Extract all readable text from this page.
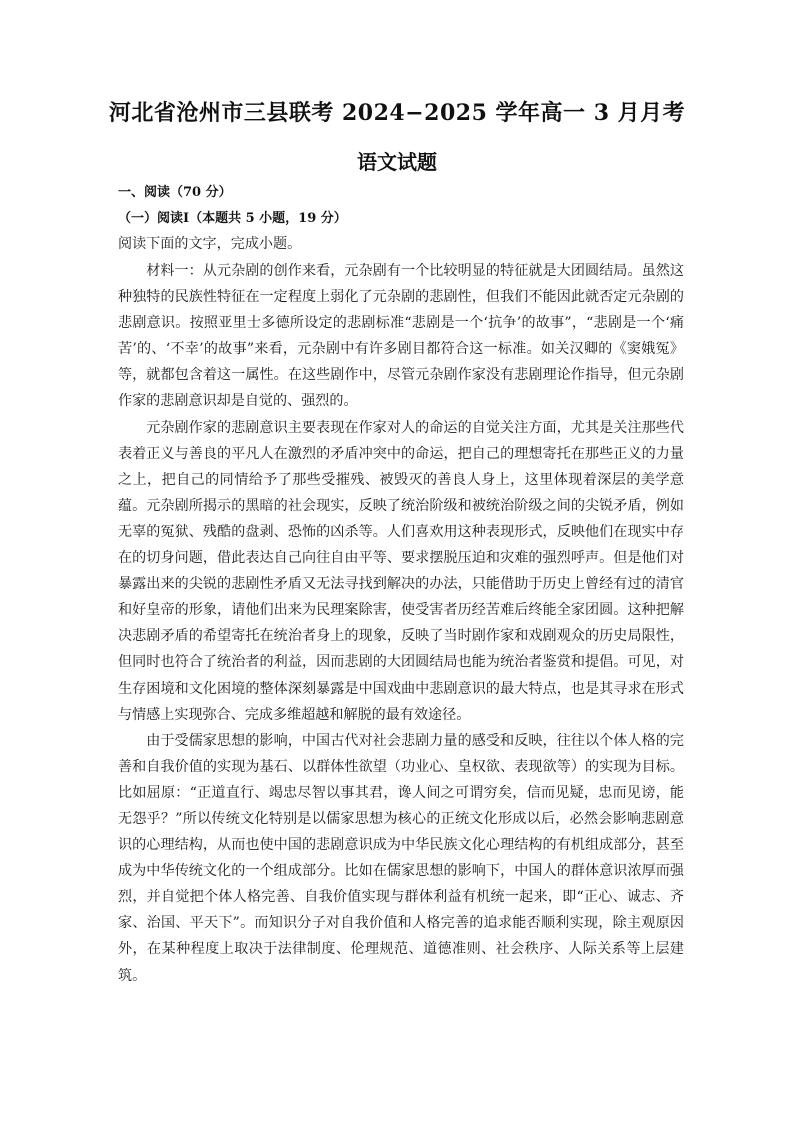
河北省沧州市三县联考 2024−2025 学年高一 3 月月考
语文试题
一、阅读（70 分）
（一）阅读Ⅰ（本题共 5 小题，19 分）
阅读下面的文字，完成小题。

材料一：从元杂剧的创作来看，元杂剧有一个比较明显的特征就是大团圆结局。虽然这种独特的民族性特征在一定程度上弱化了元杂剧的悲剧性，但我们不能因此就否定元杂剧的悲剧意识。按照亚里士多德所设定的悲剧标准“悲剧是一个‘抗争’的故事”，“悲剧是一个‘痛苦’的、‘不幸’的故事”来看，元杂剧中有许多剧目都符合这一标准。如关汉卿的《窦娥冤》等，就都包含着这一属性。在这些剧作中，尽管元杂剧作家没有悲剧理论作指导，但元杂剧作家的悲剧意识却是自觉的、强烈的。

元杂剧作家的悲剧意识主要表现在作家对人的命运的自觉关注方面，尤其是关注那些代表着正义与善良的平凡人在激烈的矛盾冲突中的命运，把自己的理想寄托在那些正义的力量之上，把自己的同情给予了那些受摧残、被毁灭的善良人身上，这里体现着深层的美学意蕴。元杂剧所揭示的黑暗的社会现实，反映了统治阶级和被统治阶级之间的尖锐矛盾，例如无辜的冤狱、残酷的盘剥、恐怖的凶杀等。人们喜欢用这种表现形式，反映他们在现实中存在的切身问题，借此表达自己向往自由平等、要求摆脱压迫和灾难的强烈呼声。但是他们对暴露出来的尖锐的悲剧性矛盾又无法寻找到解决的办法，只能借助于历史上曾经有过的清官和好皇帝的形象，请他们出来为民理案除害，使受害者历经苦难后终能全家团圆。这种把解决悲剧矛盾的希望寄托在统治者身上的现象，反映了当时剧作家和戏剧观众的历史局限性，但同时也符合了统治者的利益，因而悲剧的大团圆结局也能为统治者鉴赏和提倡。可见，对生存困境和文化困境的整体深刻暴露是中国戏曲中悲剧意识的最大特点，也是其寻求在形式与情感上实现弥合、完成多维超越和解脱的最有效途径。

由于受儒家思想的影响，中国古代对社会悲剧力量的感受和反映，往往以个体人格的完善和自我价值的实现为基石、以群体性欲望（功业心、皇权欲、表现欲等）的实现为目标。比如屈原：“正道直行、竭忠尽智以事其君，谗人间之可谓穷矣，信而见疑，忠而见谤，能无怨乎？”所以传统文化特别是以儒家思想为核心的正统文化形成以后，必然会影响悲剧意识的心理结构，从而也使中国的悲剧意识成为中华民族文化心理结构的有机组成部分，甚至成为中华传统文化的一个组成部分。比如在儒家思想的影响下，中国人的群体意识浓厚而强烈，并自觉把个体人格完善、自我价值实现与群体利益有机统一起来，即“正心、诚志、齐家、治国、平天下”。而知识分子对自我价值和人格完善的追求能否顺利实现，除主观原因外，在某种程度上取决于法律制度、伦理规范、道德准则、社会秩序、人际关系等上层建筑。
